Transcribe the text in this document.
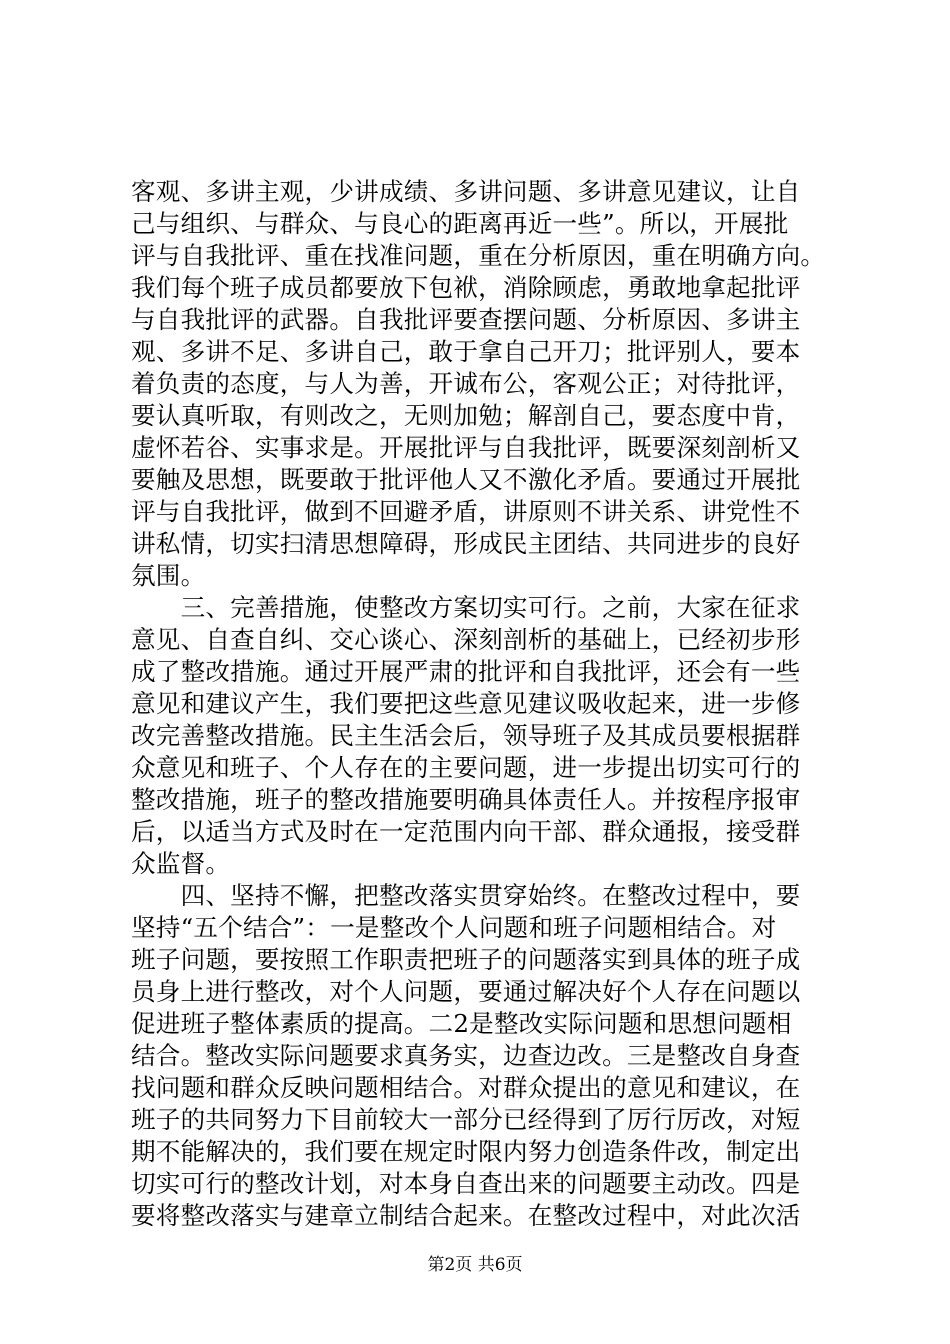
客观、多讲主观，少讲成绩、多讲问题、多讲意见建议，让自
己与组织、与群众、与良心的距离再近一些”。所以，开展批
评与自我批评、重在找准问题，重在分析原因，重在明确方向。
我们每个班子成员都要放下包袱，消除顾虑，勇敢地拿起批评
与自我批评的武器。自我批评要查摆问题、分析原因、多讲主
观、多讲不足、多讲自己，敢于拿自己开刀；批评别人，要本
着负责的态度，与人为善，开诚布公，客观公正；对待批评，
要认真听取，有则改之，无则加勉；解剖自己，要态度中肯，
虚怀若谷、实事求是。开展批评与自我批评，既要深刻剖析又
要触及思想，既要敢于批评他人又不激化矛盾。要通过开展批
评与自我批评，做到不回避矛盾，讲原则不讲关系、讲党性不
讲私情，切实扫清思想障碍，形成民主团结、共同进步的良好
氛围。
　　三、完善措施，使整改方案切实可行。之前，大家在征求
意见、自查自纠、交心谈心、深刻剖析的基础上，已经初步形
成了整改措施。通过开展严肃的批评和自我批评，还会有一些
意见和建议产生，我们要把这些意见建议吸收起来，进一步修
改完善整改措施。民主生活会后，领导班子及其成员要根据群
众意见和班子、个人存在的主要问题，进一步提出切实可行的
整改措施，班子的整改措施要明确具体责任人。并按程序报审
后，以适当方式及时在一定范围内向干部、群众通报，接受群
众监督。
　　四、坚持不懈，把整改落实贯穿始终。在整改过程中，要
坚持“五个结合”：一是整改个人问题和班子问题相结合。对
班子问题，要按照工作职责把班子的问题落实到具体的班子成
员身上进行整改，对个人问题，要通过解决好个人存在问题以
促进班子整体素质的提高。二2是整改实际问题和思想问题相
结合。整改实际问题要求真务实，边查边改。三是整改自身查
找问题和群众反映问题相结合。对群众提出的意见和建议，在
班子的共同努力下目前较大一部分已经得到了厉行厉改，对短
期不能解决的，我们要在规定时限内努力创造条件改，制定出
切实可行的整改计划，对本身自查出来的问题要主动改。四是
要将整改落实与建章立制结合起来。在整改过程中，对此次活
第2页 共6页
